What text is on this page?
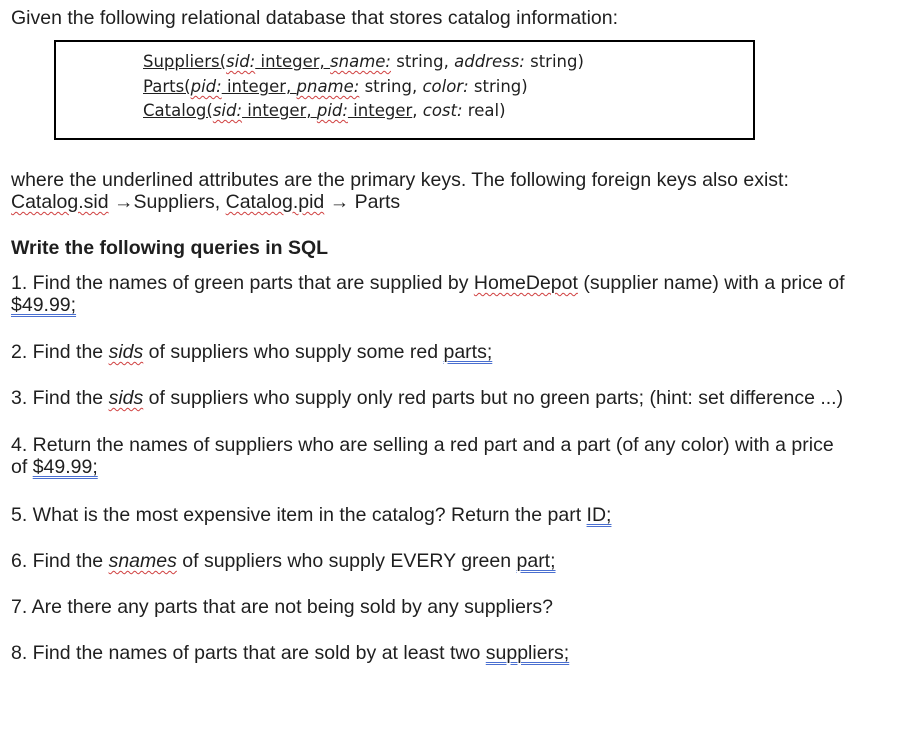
Given the following relational database that stores catalog information:
Suppliers(sid: integer, sname: string, address: string)
Parts(pid: integer, pname: string, color: string)
Catalog(sid: integer, pid: integer, cost: real)
where the underlined attributes are the primary keys. The following foreign keys also exist:
Catalog.sid →Suppliers, Catalog.pid → Parts
Write the following queries in SQL
1. Find the names of green parts that are supplied by HomeDepot (supplier name) with a price of
$49.99;
2. Find the sids of suppliers who supply some red parts;
3. Find the sids of suppliers who supply only red parts but no green parts; (hint: set difference ...)
4. Return the names of suppliers who are selling a red part and a part (of any color) with a price
of $49.99;
5. What is the most expensive item in the catalog? Return the part ID;
6. Find the snames of suppliers who supply EVERY green part;
7. Are there any parts that are not being sold by any suppliers?
8. Find the names of parts that are sold by at least two suppliers;
